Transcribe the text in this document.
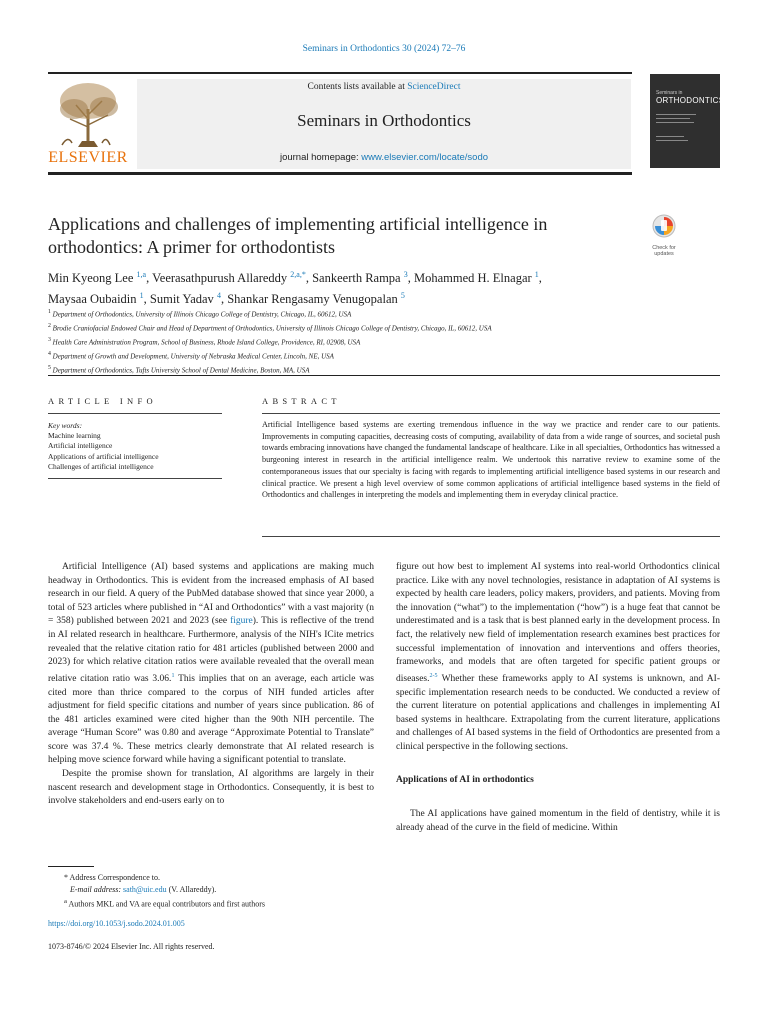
Seminars in Orthodontics 30 (2024) 72–76
ELSEVIER
Contents lists available at ScienceDirect
Seminars in Orthodontics
journal homepage: www.elsevier.com/locate/sodo
Seminars in
ORTHODONTICS
Applications and challenges of implementing artificial intelligence in orthodontics: A primer for orthodontists	Check for
updates
Min Kyeong Lee $^{1,a}$, Veerasathpurush Allareddy $^{2,a,*}$, Sankeerth Rampa $^3$, Mohammed H. Elnagar $^1$,
Maysaa Oubaidin $^1$, Sumit Yadav $^4$, Shankar Rengasamy Venugopalan $^5$
$^1$ Department of Orthodontics, University of Illinois Chicago College of Dentistry, Chicago, IL, 60612, USA
$^2$ Brodie Craniofacial Endowed Chair and Head of Department of Orthodontics, University of Illinois Chicago College of Dentistry, Chicago, IL, 60612, USA
$^3$ Health Care Administration Program, School of Business, Rhode Island College, Providence, RI, 02908, USA
$^4$ Department of Growth and Development, University of Nebraska Medical Center, Lincoln, NE, USA
$^5$ Department of Orthodontics, Tufts University School of Dental Medicine, Boston, MA, USA
ARTICLE INFO	ABSTRACT
Key words:
Machine learning
Artificial intelligence
Applications of artificial intelligence
Challenges of artificial intelligence
Artificial Intelligence based systems are exerting tremendous influence in the way we practice and render care to our patients. Improvements in computing capacities, decreasing costs of computing, availability of data from a wide range of sources, and societal push towards embracing innovations have changed the fundamental landscape of healthcare. Like in all specialties, Orthodontics has witnessed a burgeoning interest in research in the artificial intelligence realm. We undertook this narrative review to examine some of the contemporaneous issues that our specialty is facing with regards to implementing artificial intelligence based systems in our research and clinical practice. We present a high level overview of some common applications of artificial intelligence based systems in the field of Orthodontics and challenges in interpreting the models and implementing them in everyday clinical practice.

Artificial Intelligence (AI) based systems and applications are making much headway in Orthodontics. This is evident from the increased emphasis of AI based research in our field. A query of the PubMed database showed that since year 2000, a total of 523 articles where published in “AI and Orthodontics” with a vast majority (n = 358) published between 2021 and 2023 (see figure). This is reflective of the trend in AI related research in healthcare. Furthermore, analysis of the NIH's ICite metrics revealed that the relative citation ratio for 481 articles (published between 2000 and 2023) for which relative citation ratios were available revealed that the overall mean relative citation ratio was 3.06.$^1$ This implies that on an average, each article was cited more than thrice compared to the corpus of NIH funded articles after adjustment for field specific citations and number of years since publication. 86 of the 481 articles examined were cited higher than the 90th NIH percentile. The average “Human Score” was 0.80 and average “Approximate Potential to Translate” score was 37.4 %. These metrics clearly demonstrate that AI related research is helping move science forward while having a significant potential to translate.

Despite the promise shown for translation, AI algorithms are largely in their nascent research and development stage in Orthodontics. Consequently, it is best to involve stakeholders and end-users early on to

figure out how best to implement AI systems into real-world Orthodontics clinical practice. Like with any novel technologies, resistance in adaptation of AI systems is expected by health care leaders, policy makers, providers, and patients. Moving from the innovation (“what”) to the implementation (“how”) is a huge feat that cannot be underestimated and is a task that is best planned early in the development process. In fact, the relatively new field of implementation research examines best practices for successful implementation of innovation and interventions and offers theories, frameworks, and models that are often targeted for specific patient groups or diseases.$^{2-5}$ Whether these frameworks apply to AI systems is unknown, and AI-specific implementation research needs to be conducted. We conducted a review of the current literature on potential applications and challenges in implementing AI based systems in healthcare. Extrapolating from the current literature, applications and challenges of AI based systems in the field of Orthodontics are presented from a clinical perspective in the following sections.

Applications of AI in orthodontics

The AI applications have gained momentum in the field of dentistry, while it is already ahead of the curve in the field of medicine. Within

* Address Correspondence to.
E-mail address: sath@uic.edu (V. Allareddy).
$^a$ Authors MKL and VA are equal contributors and first authors
https://doi.org/10.1053/j.sodo.2024.01.005
1073-8746/© 2024 Elsevier Inc. All rights reserved.
